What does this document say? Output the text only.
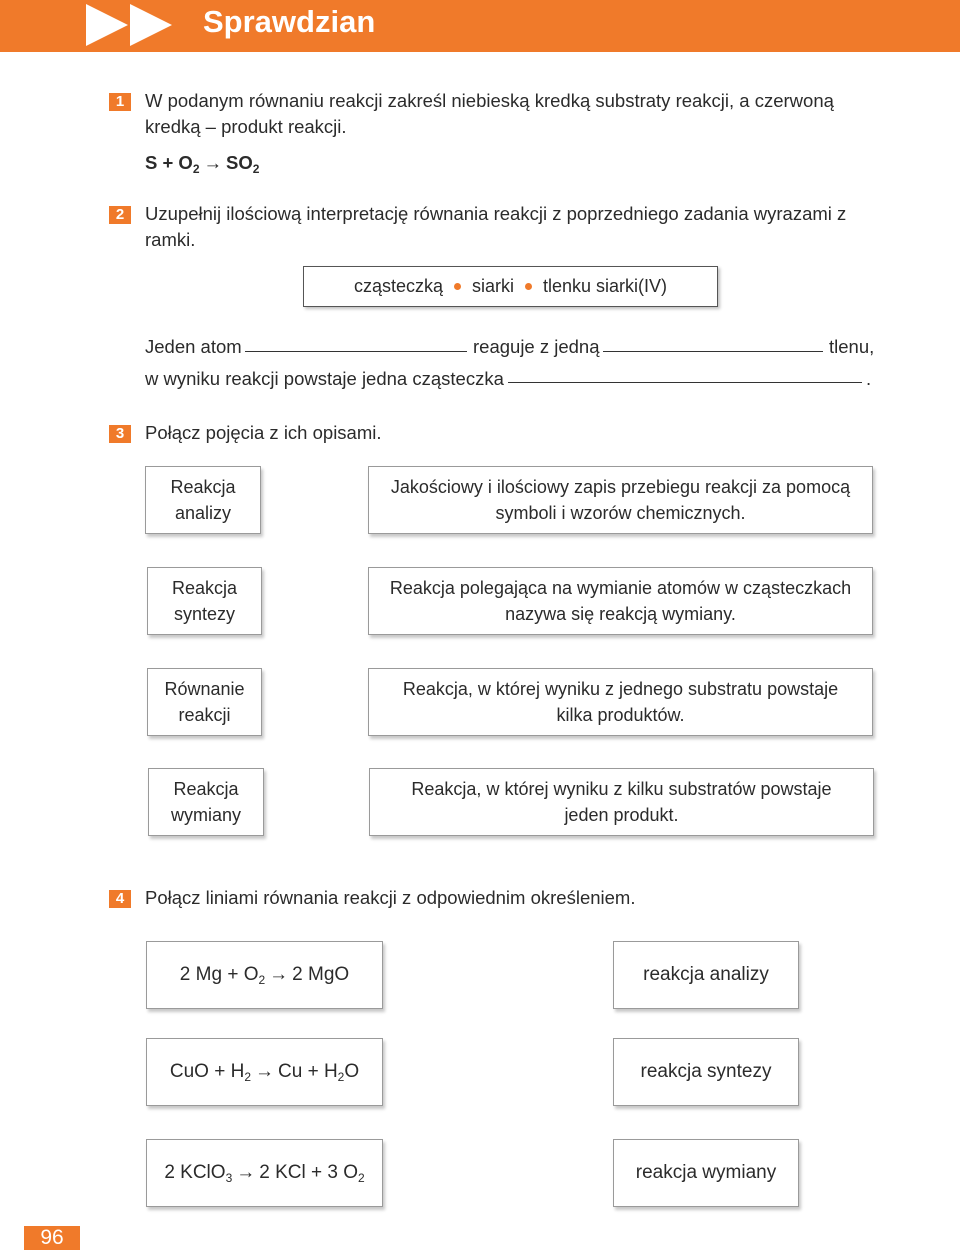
Sprawdzian
1	W podanym równaniu reakcji zakreśl niebieską kredką substraty reakcji, a czerwoną kredką – produkt reakcji.
$S + O_2 \to SO_2$
2	Uzupełnij ilościową interpretację równania reakcji z poprzedniego zadania wyrazami z ramki.
cząsteczką siarki tlenku siarki(IV)
Jeden atom	reaguje z jedną	tlenu,
w wyniku reakcji powstaje jedna cząsteczka	.
3	Połącz pojęcia z ich opisami.
Reakcja
analizy
Reakcja
syntezy
Równanie
reakcji
Reakcja
wymiany
Jakościowy i ilościowy zapis przebiegu reakcji za pomocą
symboli i wzorów chemicznych.
Reakcja polegająca na wymianie atomów w cząsteczkach
nazywa się reakcją wymiany.
Reakcja, w której wyniku z jednego substratu powstaje
kilka produktów.
Reakcja, w której wyniku z kilku substratów powstaje
jeden produkt.
4	Połącz liniami równania reakcji z odpowiednim określeniem.
2 $Mg + O_2 \to 2$ MgO
CuO + $H_2 \to Cu + H_2O$
2 KClO$_3$ → 2 KCl + 3 $O_2$
reakcja analizy
reakcja syntezy
reakcja wymiany
96
